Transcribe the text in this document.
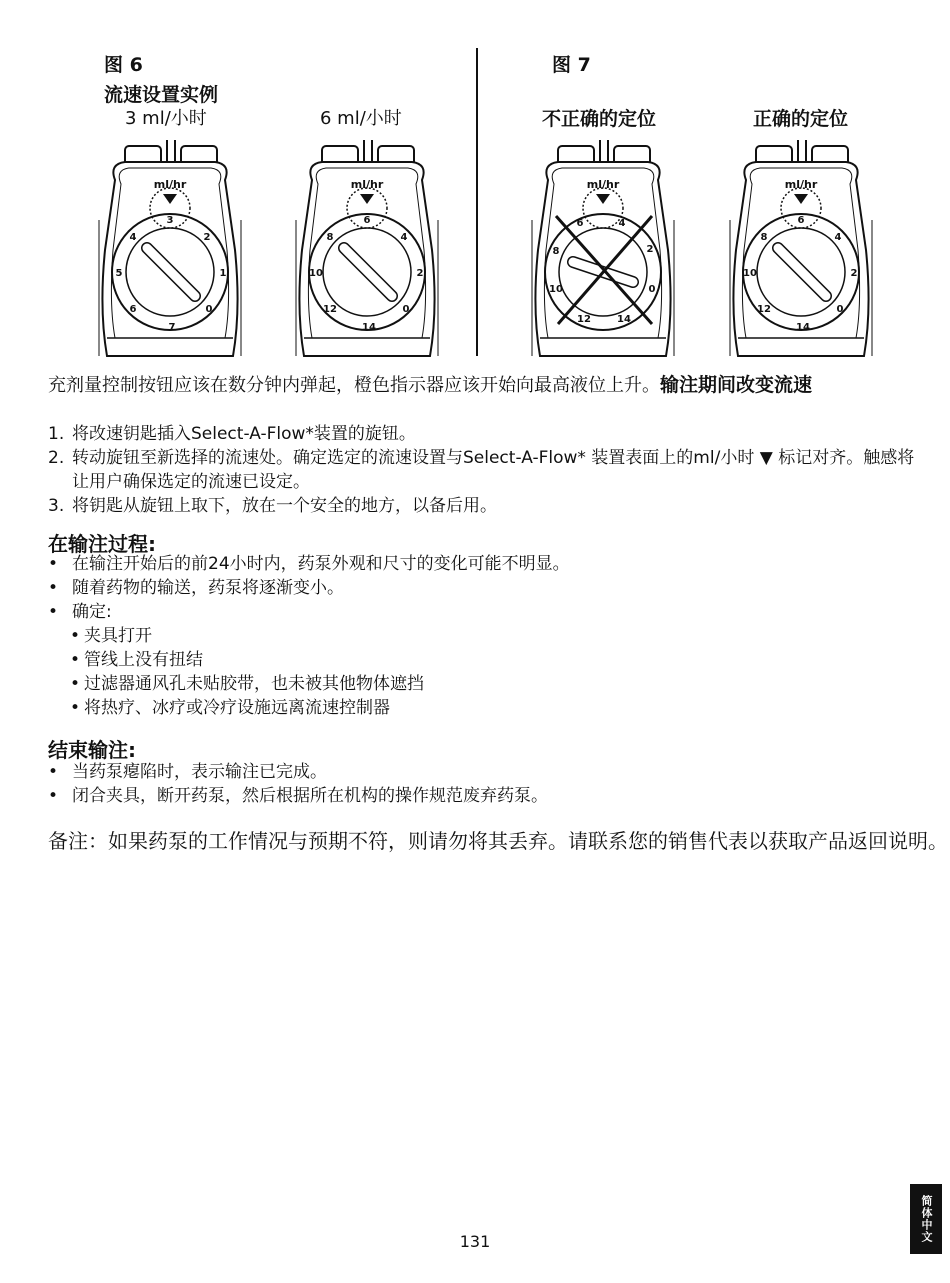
图 6
流速设置实例
3 ml/小时	6 ml/小时
图 7
不正确的定位	正确的定位
ml/hr
3
2
1
0
7
6
5
4
ml/hr
6
4
2
0
14
12
10
8
ml/hr
6	4
2
0
14
12
10
8
ml/hr
6
4
2
0
14
12
10
8
充剂量控制按钮应该在数分钟内弹起，橙色指示器应该开始向最高液位上升。输注期间改变流速
1. 将改速钥匙插入Select-A-Flow*装置的旋钮。
2. 转动旋钮至新选择的流速处。确定选定的流速设置与Select-A-Flow* 装置表面上的ml/小时 ▼ 标记对齐。触感将让用户确保选定的流速已设定。
3. 将钥匙从旋钮上取下，放在一个安全的地方，以备后用。
在输注过程:
• 在输注开始后的前24小时内，药泵外观和尺寸的变化可能不明显。
• 随着药物的输送，药泵将逐渐变小。
• 确定:
• 夹具打开
• 管线上没有扭结
• 过滤器通风孔未贴胶带，也未被其他物体遮挡
• 将热疗、冰疗或冷疗设施远离流速控制器
结束输注:
• 当药泵瘪陷时，表示输注已完成。
• 闭合夹具，断开药泵，然后根据所在机构的操作规范废弃药泵。
备注：如果药泵的工作情况与预期不符，则请勿将其丢弃。请联系您的销售代表以获取产品返回说明。
131	简体中文
